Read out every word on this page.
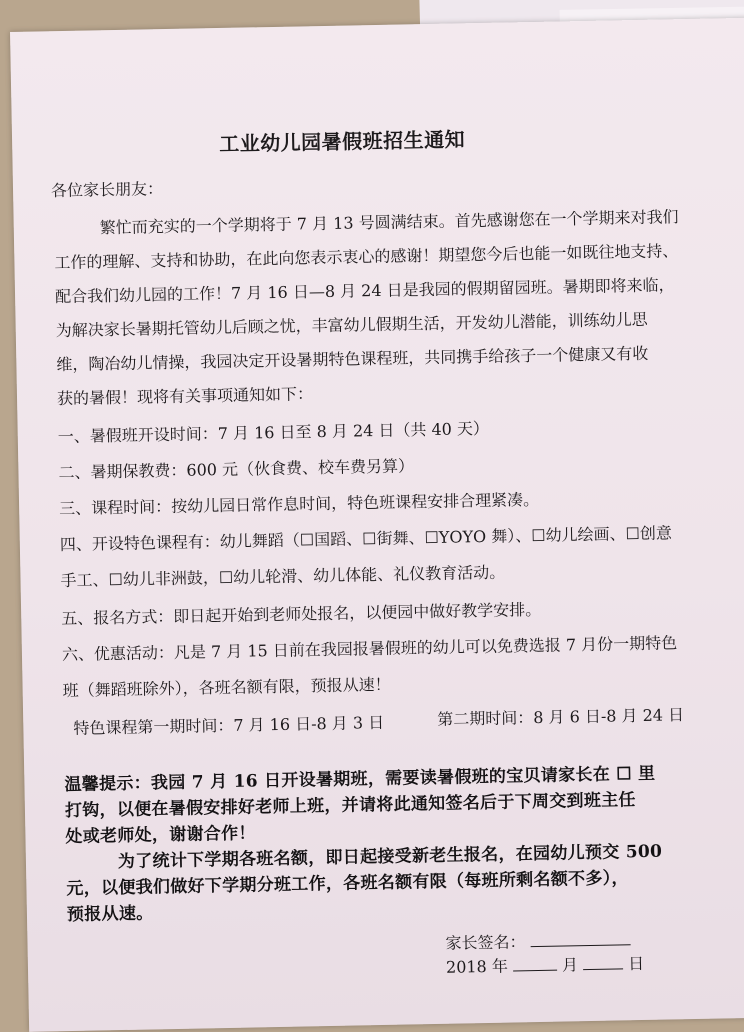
工业幼儿园暑假班招生通知
各位家长朋友：
繁忙而充实的一个学期将于 7 月 13 号圆满结束。首先感谢您在一个学期来对我们
工作的理解、支持和协助，在此向您表示衷心的感谢！期望您今后也能一如既往地支持、
配合我们幼儿园的工作！7 月 16 日—8 月 24 日是我园的假期留园班。暑期即将来临，
为解决家长暑期托管幼儿后顾之忧，丰富幼儿假期生活，开发幼儿潜能，训练幼儿思
维，陶冶幼儿情操，我园决定开设暑期特色课程班，共同携手给孩子一个健康又有收
获的暑假！现将有关事项通知如下：
一、暑假班开设时间：7 月 16 日至 8 月 24 日（共 40 天）
二、暑期保教费：600 元（伙食费、校车费另算）
三、课程时间：按幼儿园日常作息时间，特色班课程安排合理紧凑。
四、开设特色课程有：幼儿舞蹈（☐国蹈、☐街舞、☐YOYO 舞）、☐幼儿绘画、☐创意
手工、☐幼儿非洲鼓，☐幼儿轮滑、幼儿体能、礼仪教育活动。
五、报名方式：即日起开始到老师处报名，以便园中做好教学安排。
六、优惠活动：凡是 7 月 15 日前在我园报暑假班的幼儿可以免费选报 7 月份一期特色
班（舞蹈班除外），各班名额有限，预报从速！
特色课程第一期时间：7 月 16 日-8 月 3 日	第二期时间：8 月 6 日-8 月 24 日
温馨提示：我园 7 月 16 日开设暑期班，需要读暑假班的宝贝请家长在 ☐ 里
打钩，以便在暑假安排好老师上班，并请将此通知签名后于下周交到班主任
处或老师处，谢谢合作！
为了统计下学期各班名额，即日起接受新老生报名，在园幼儿预交 500
元，以便我们做好下学期分班工作，各班名额有限（每班所剩名额不多），
预报从速。
家长签名：
2018 年	月	日
